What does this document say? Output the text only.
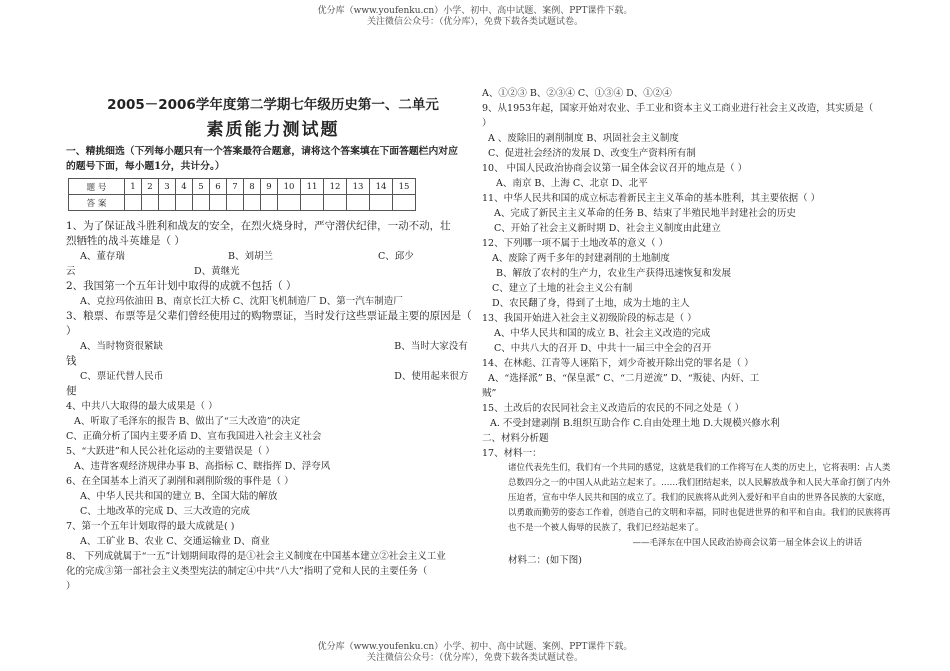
优分库（www.youfenku.cn）小学、初中、高中试题、案例、PPT课件下载。
关注微信公众号：（优分库），免费下载各类试题试卷。

2005－2006学年度第二学期七年级历史第一、二单元

素质能力测试题

一、精挑细选（下列每小题只有一个答案最符合题意，请将这个答案填在下面答题栏内对应
的题号下面，每小题1分，共计分。）
题 号	1	2	3	4	5	6	7	8	9	10	11	12	13	14	15
答 案															
1、为了保证战斗胜利和战友的安全，在烈火烧身时，严守潜伏纪律，一动不动，壮
烈牺牲的战斗英雄是（ ）
A、董存瑞	B、刘胡兰	C、邱少
云	D、黄继光
2、我国第一个五年计划中取得的成就不包括（ ）
A、克拉玛依油田 B、南京长江大桥 C、沈阳飞机制造厂 D、第一汽车制造厂
3、粮票、布票等是父辈们曾经使用过的购物票证，当时发行这些票证最主要的原因是（
）
A、当时物资很紧缺	B、当时大家没有
钱
C、票证代替人民币	D、使用起来很方
便
4、中共八大取得的最大成果是（ ）
A、听取了毛泽东的报告 B、做出了“三大改造”的决定
C、正确分析了国内主要矛盾 D、宣布我国进入社会主义社会
5、“大跃进”和人民公社化运动的主要错误是（ ）
A、违背客观经济规律办事 B、高指标 C、瞎指挥 D、浮夸风
6、在全国基本上消灭了剥削和剥削阶级的事件是（ ）
A、中华人民共和国的建立 B、全国大陆的解放
C、土地改革的完成 D、三大改造的完成
7、第一个五年计划取得的最大成就是( )
A、工矿业 B、农业 C、交通运输业 D、商业
8、 下列成就属于“一五”计划期间取得的是①社会主义制度在中国基本建立②社会主义工业
化的完成③第一部社会主义类型宪法的制定④中共“八大”指明了党和人民的主要任务（
）
A、①②③ B、②③④ C、①③④ D、①②④
9、从1953年起，国家开始对农业、手工业和资本主义工商业进行社会主义改造，其实质是（
）
A 、废除旧的剥削制度 B、巩固社会主义制度
C、促进社会经济的发展 D、改变生产资料所有制
10、 中国人民政治协商会议第一届全体会议召开的地点是（ ）
A、南京 B、上海 C、北京 D、北平
11、中华人民共和国的成立标志着新民主主义革命的基本胜利，其主要依据（ ）
A、完成了新民主主义革命的任务 B、结束了半殖民地半封建社会的历史
C、开始了社会主义新时期 D、社会主义制度由此建立
12、下列哪一项不属于土地改革的意义（ ）
A、废除了两千多年的封建剥削的土地制度
B、解放了农村的生产力，农业生产获得迅速恢复和发展
C、建立了土地的社会主义公有制
D、农民翻了身，得到了土地，成为土地的主人
13、我国开始进入社会主义初级阶段的标志是（ ）
A、中华人民共和国的成立 B、社会主义改造的完成
C、中共八大的召开 D、中共十一届三中全会的召开
14、在林彪、江青等人诬陷下，刘少奇被开除出党的罪名是（ ）
A、“选择派” B、“保皇派” C、“二月逆流” D、“叛徒、内奸、工
贼”
15、土改后的农民同社会主义改造后的农民的不同之处是（ ）
A. 不受封建剥削 B.组织互助合作 C.自由处理土地 D.大规模兴修水利
二、材料分析题
17、材料一：
诸位代表先生们，我们有一个共同的感觉，这就是我们的工作将写在人类的历史上，它将表明：占人类总数四分之一的中国人从此站立起来了。……我们团结起来，以人民解放战争和人民大革命打倒了内外压迫者，宣布中华人民共和国的成立了。我们的民族将从此列入爱好和平自由的世界各民族的大家庭，以勇敢而勤劳的姿态工作着，创造自己的文明和幸福，同时也促进世界的和平和自由。我们的民族将再也不是一个被人侮辱的民族了，我们已经站起来了。
——毛泽东在中国人民政治协商会议第一届全体会议上的讲话
材料二：(如下图)
优分库（www.youfenku.cn）小学、初中、高中试题、案例、PPT课件下载。
关注微信公众号：（优分库），免费下载各类试题试卷。
